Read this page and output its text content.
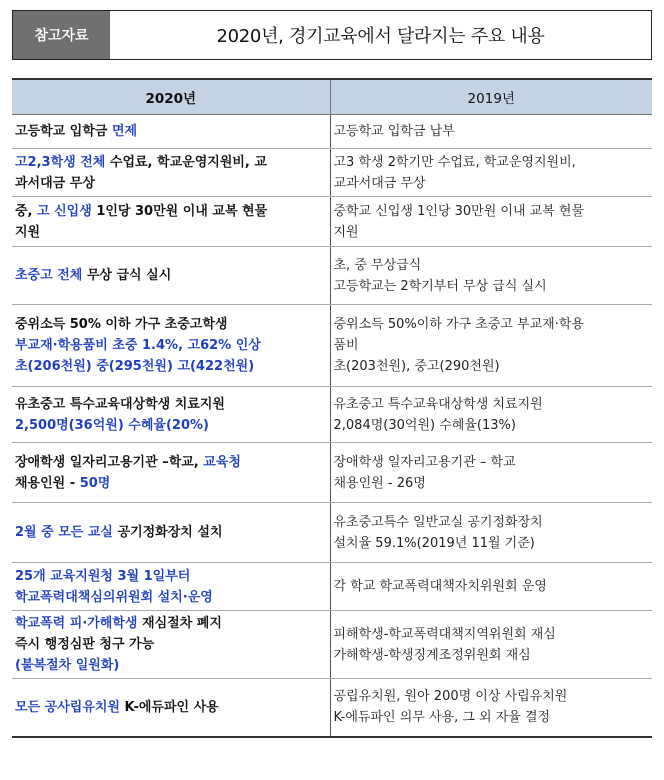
참고자료	2020년, 경기교육에서 달라지는 주요 내용
2020년	2019년

고등학교 입학금 면제	고등학교 입학금 납부

고2,3학생 전체 수업료, 학교운영지원비, 교
과서대금 무상	고3 학생 2학기만 수업료, 학교운영지원비,
교과서대금 무상

중, 고 신입생 1인당 30만원 이내 교복 현물
지원	중학교 신입생 1인당 30만원 이내 교복 현물
지원

초중고 전체 무상 급식 실시	초, 중 무상급식
고등학교는 2학기부터 무상 급식 실시

중위소득 50% 이하 가구 초중고학생
부교재·학용품비 초중 1.4%, 고62% 인상
초(206천원) 중(295천원) 고(422천원)	중위소득 50%이하 가구 초중고 부교재·학용
품비
초(203천원), 중고(290천원)

유초중고 특수교육대상학생 치료지원
2,500명(36억원) 수혜율(20%)	유초중고 특수교육대상학생 치료지원
2,084명(30억원) 수혜율(13%)

장애학생 일자리고용기관 –학교, 교육청
채용인원 - 50명	장애학생 일자리고용기관 – 학교
채용인원 - 26명

2월 중 모든 교실 공기정화장치 설치	유초중고특수 일반교실 공기정화장치
설치율 59.1%(2019년 11월 기준)

25개 교육지원청 3월 1일부터
학교폭력대책심의위원회 설치·운영	각 학교 학교폭력대책자치위원회 운영

학교폭력 피·가해학생 재심절차 폐지
즉시 행정심판 청구 가능
(불복절차 일원화)	피해학생-학교폭력대책지역위원회 재심
가해학생-학생징계조정위원회 재심

모든 공사립유치원 K-에듀파인 사용	공립유치원, 원아 200명 이상 사립유치원
K-에듀파인 의무 사용, 그 외 자율 결정
